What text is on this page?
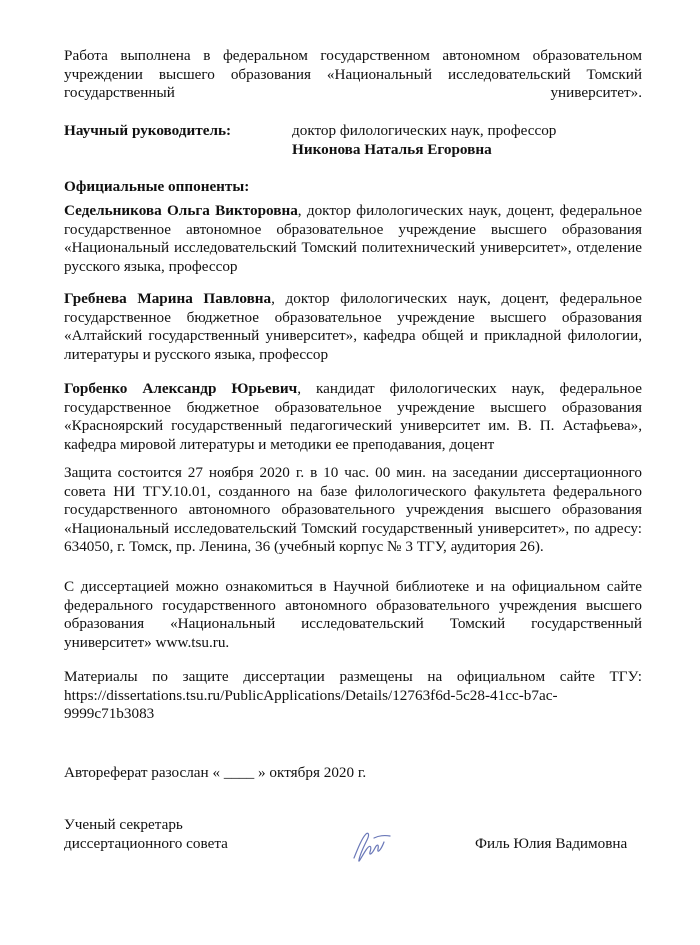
Работа выполнена в федеральном государственном автономном образовательном учреждении высшего образования «Национальный исследовательский Томский государственный университет».
Научный руководитель:	доктор филологических наук, профессор
Никонова Наталья Егоровна
Официальные оппоненты:
Седельникова Ольга Викторовна, доктор филологических наук, доцент, федеральное государственное автономное образовательное учреждение высшего образования «Национальный исследовательский Томский политехнический университет», отделение русского языка, профессор
Гребнева Марина Павловна, доктор филологических наук, доцент, федеральное государственное бюджетное образовательное учреждение высшего образования «Алтайский государственный университет», кафедра общей и прикладной филологии, литературы и русского языка, профессор
Горбенко Александр Юрьевич, кандидат филологических наук, федеральное государственное бюджетное образовательное учреждение высшего образования «Красноярский государственный педагогический университет им. В. П. Астафьева», кафедра мировой литературы и методики ее преподавания, доцент
Защита состоится 27 ноября 2020 г. в 10 час. 00 мин. на заседании диссертационного совета НИ ТГУ.10.01, созданного на базе филологического факультета федерального государственного автономного образовательного учреждения высшего образования «Национальный исследовательский Томский государственный университет», по адресу: 634050, г. Томск, пр. Ленина, 36 (учебный корпус № 3 ТГУ, аудитория 26).
С диссертацией можно ознакомиться в Научной библиотеке и на официальном сайте федерального государственного автономного образовательного учреждения высшего образования «Национальный исследовательский Томский государственный университет» www.tsu.ru.
Материалы по защите диссертации размещены на официальном сайте ТГУ:
https://dissertations.tsu.ru/PublicApplications/Details/12763f6d-5c28-41cc-b7ac-
9999c71b3083
Автореферат разослан « ____ » октября 2020 г.
Ученый секретарь
диссертационного совета	Филь Юлия Вадимовна
